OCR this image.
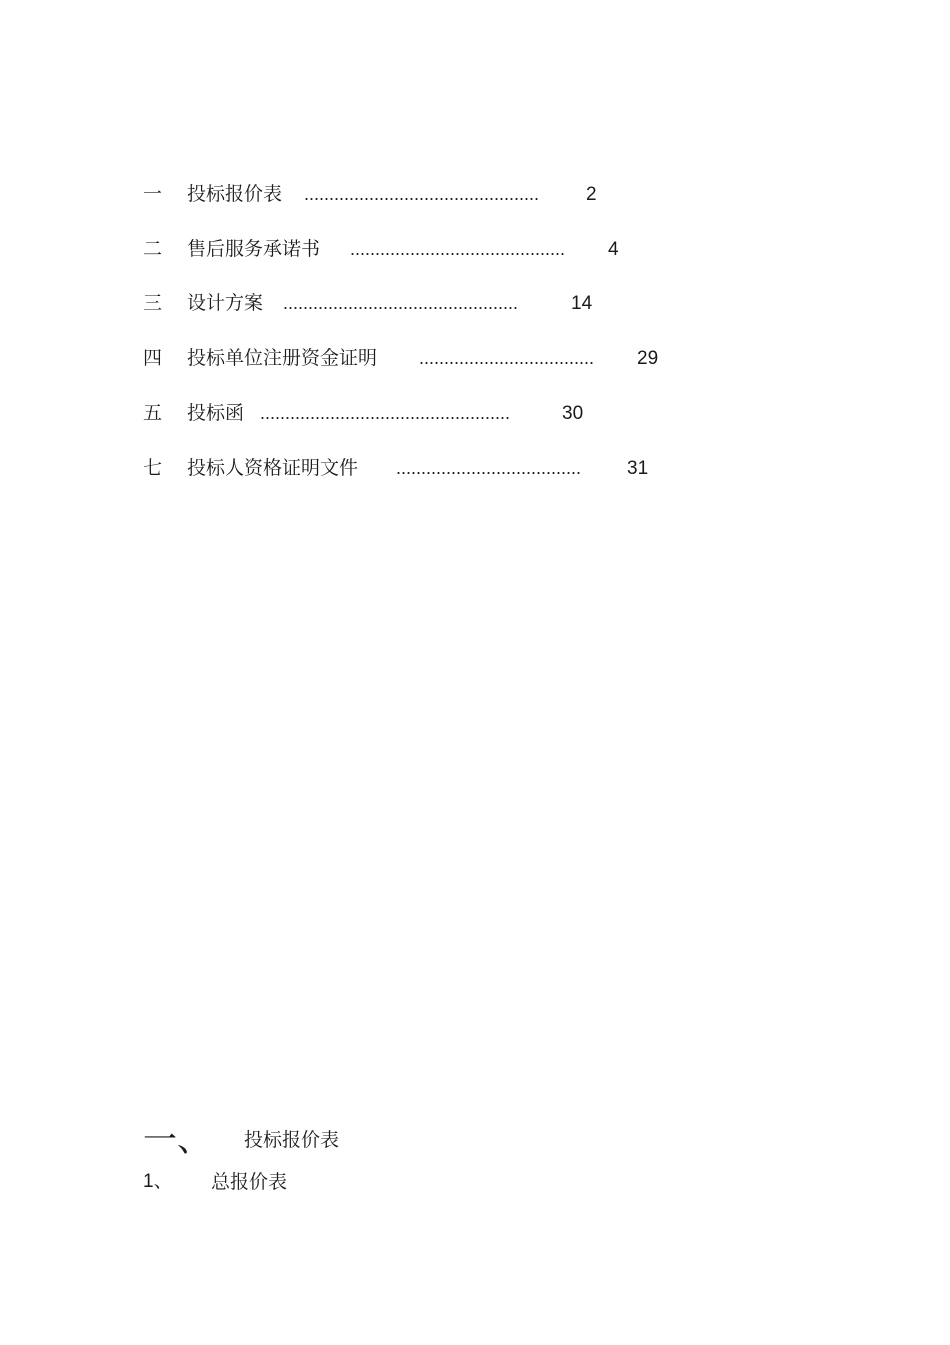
一	投标报价表	...............................................	2
二	售后服务承诺书	...........................................	4
三	设计方案	...............................................	14
四	投标单位注册资金证明	...................................	29
五	投标函 ..................................................	30
七	投标人资格证明文件	.....................................	31
一、 投标报价表
1、 总报价表
